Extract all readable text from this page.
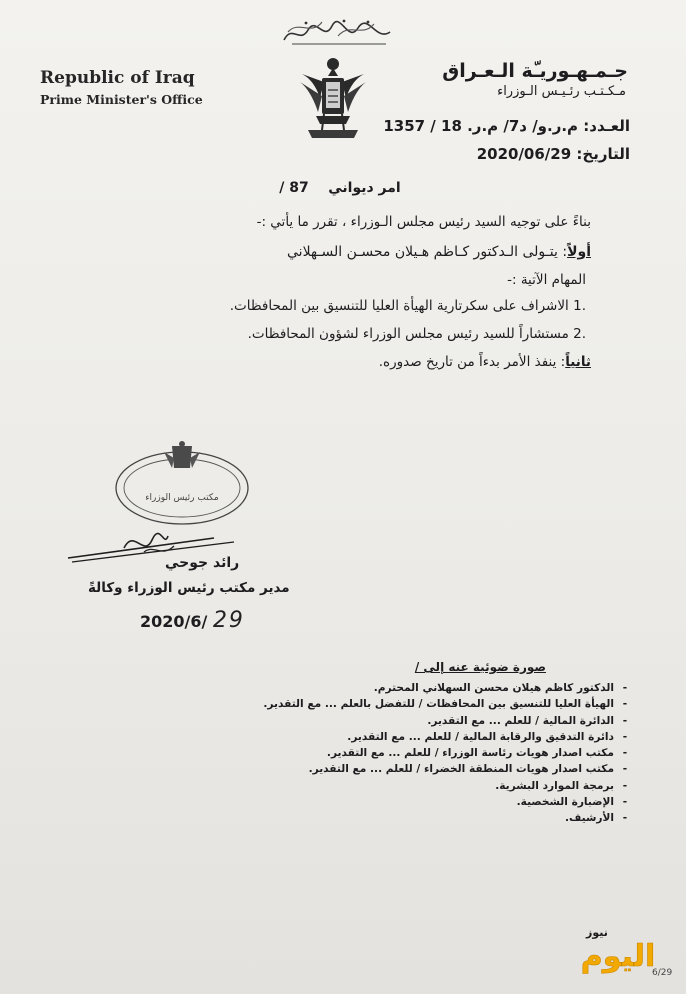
Republic of Iraq
Prime Minister's Office
جـمـهـوريـّة الـعـراق
مـكـتـب رئـيـس الـوزراء
العـدد: م.ر.و/ د7/ م.ر. 18 / 1357
التاريخ: 2020/06/29
امر ديواني    87 /
بناءً على توجيه السيد رئيس مجلس الـوزراء ، تقرر ما يأتي :-
أولاً: يتـولى الـدكتور كـاظم هـيلان محسـن السـهلاني
المهام الآتية :-
.1 الاشراف على سكرتارية الهيأة العليا للتنسيق بين المحافظات.
.2 مستشاراً للسيد رئيس مجلس الوزراء لشؤون المحافظات.
ثانياً: ينفذ الأمر بدءاً من تاريخ صدوره.
مكتب رئيس الوزراء
رائد جوحي
مدير مكتب رئيس الوزراء وكالةً
2020/6/ 29
صورة ضوئية عنه إلى /
-
الدكتور كاظم هيلان محسن السهلاني المحترم.
-
الهيأة العليا للتنسيق بين المحافظات / للتفضل بالعلم ... مع التقدير.
-
الدائرة المالية / للعلم ... مع التقدير.
-
دائرة التدقيق والرقابة المالية / للعلم ... مع التقدير.
-
مكتب اصدار هويات رئاسة الوزراء / للعلم ... مع التقدير.
-
مكتب اصدار هويات المنطقة الخضراء / للعلم ... مع التقدير.
-
برمجة الموارد البشرية.
-
الإضبارة الشخصية.
-
الأرشيف.
نيوز
اليوم
6/29
